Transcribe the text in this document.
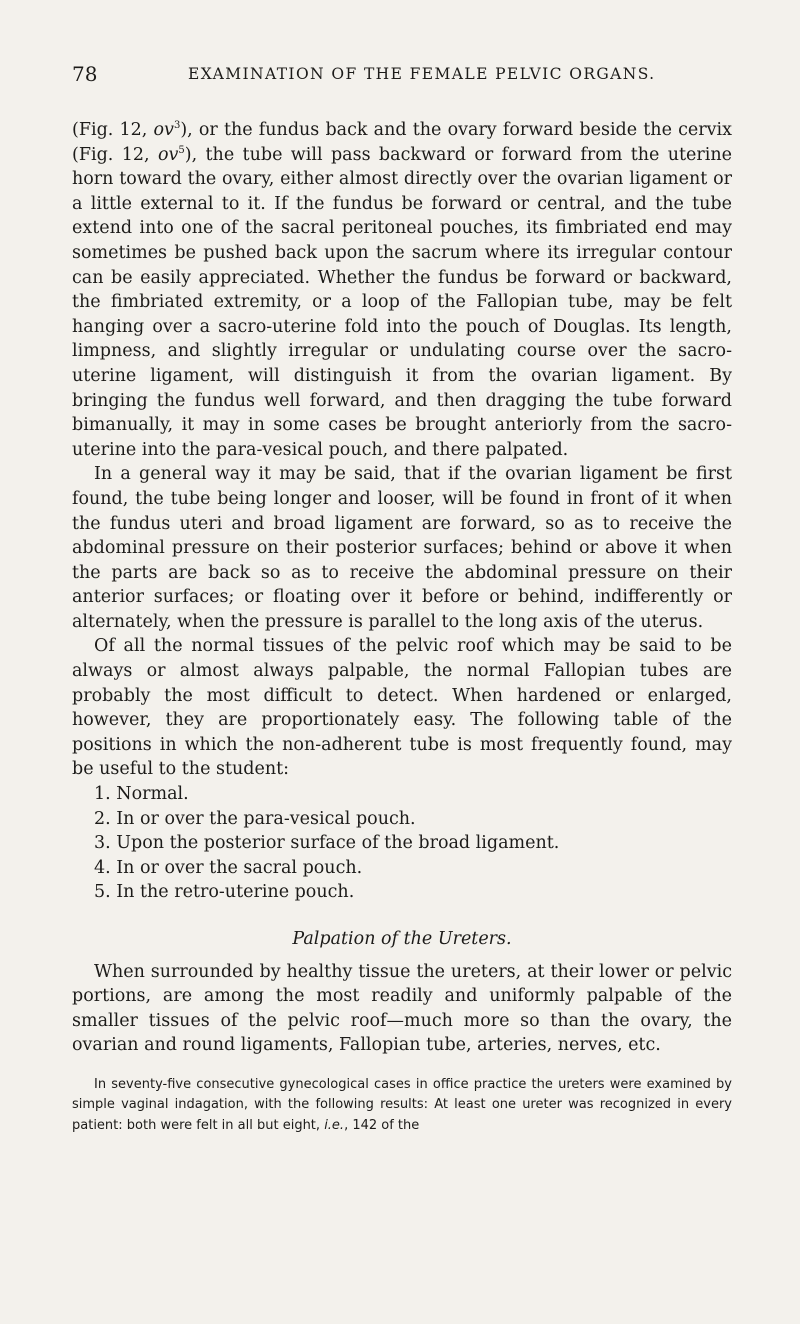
78	EXAMINATION OF THE FEMALE PELVIC ORGANS.

(Fig. 12, $ov^3$), or the fundus back and the ovary forward beside the cervix (Fig. 12, $ov^5$), the tube will pass backward or forward from the uterine horn toward the ovary, either almost directly over the ovarian ligament or a little external to it. If the fundus be forward or central, and the tube extend into one of the sacral peritoneal pouches, its fimbriated end may sometimes be pushed back upon the sacrum where its irregular contour can be easily appreciated. Whether the fundus be forward or backward, the fimbriated extremity, or a loop of the Fallopian tube, may be felt hanging over a sacro-uterine fold into the pouch of Douglas. Its length, limpness, and slightly irregular or undulating course over the sacro-uterine ligament, will distinguish it from the ovarian ligament. By bringing the fundus well forward, and then dragging the tube forward bimanually, it may in some cases be brought anteriorly from the sacro-uterine into the para-vesical pouch, and there palpated.

In a general way it may be said, that if the ovarian ligament be first found, the tube being longer and looser, will be found in front of it when the fundus uteri and broad ligament are forward, so as to receive the abdominal pressure on their posterior surfaces; behind or above it when the parts are back so as to receive the abdominal pressure on their anterior surfaces; or floating over it before or behind, indifferently or alternately, when the pressure is parallel to the long axis of the uterus.

Of all the normal tissues of the pelvic roof which may be said to be always or almost always palpable, the normal Fallopian tubes are probably the most difficult to detect. When hardened or enlarged, however, they are proportionately easy. The following table of the positions in which the non-adherent tube is most frequently found, may be useful to the student:

1. Normal.
2. In or over the para-vesical pouch.
3. Upon the posterior surface of the broad ligament.
4. In or over the sacral pouch.
5. In the retro-uterine pouch.
Palpation of the Ureters.

When surrounded by healthy tissue the ureters, at their lower or pelvic portions, are among the most readily and uniformly palpable of the smaller tissues of the pelvic roof—much more so than the ovary, the ovarian and round ligaments, Fallopian tube, arteries, nerves, etc.

In seventy-five consecutive gynecological cases in office practice the ureters were examined by simple vaginal indagation, with the following results: At least one ureter was recognized in every patient: both were felt in all but eight, i.e., 142 of the
